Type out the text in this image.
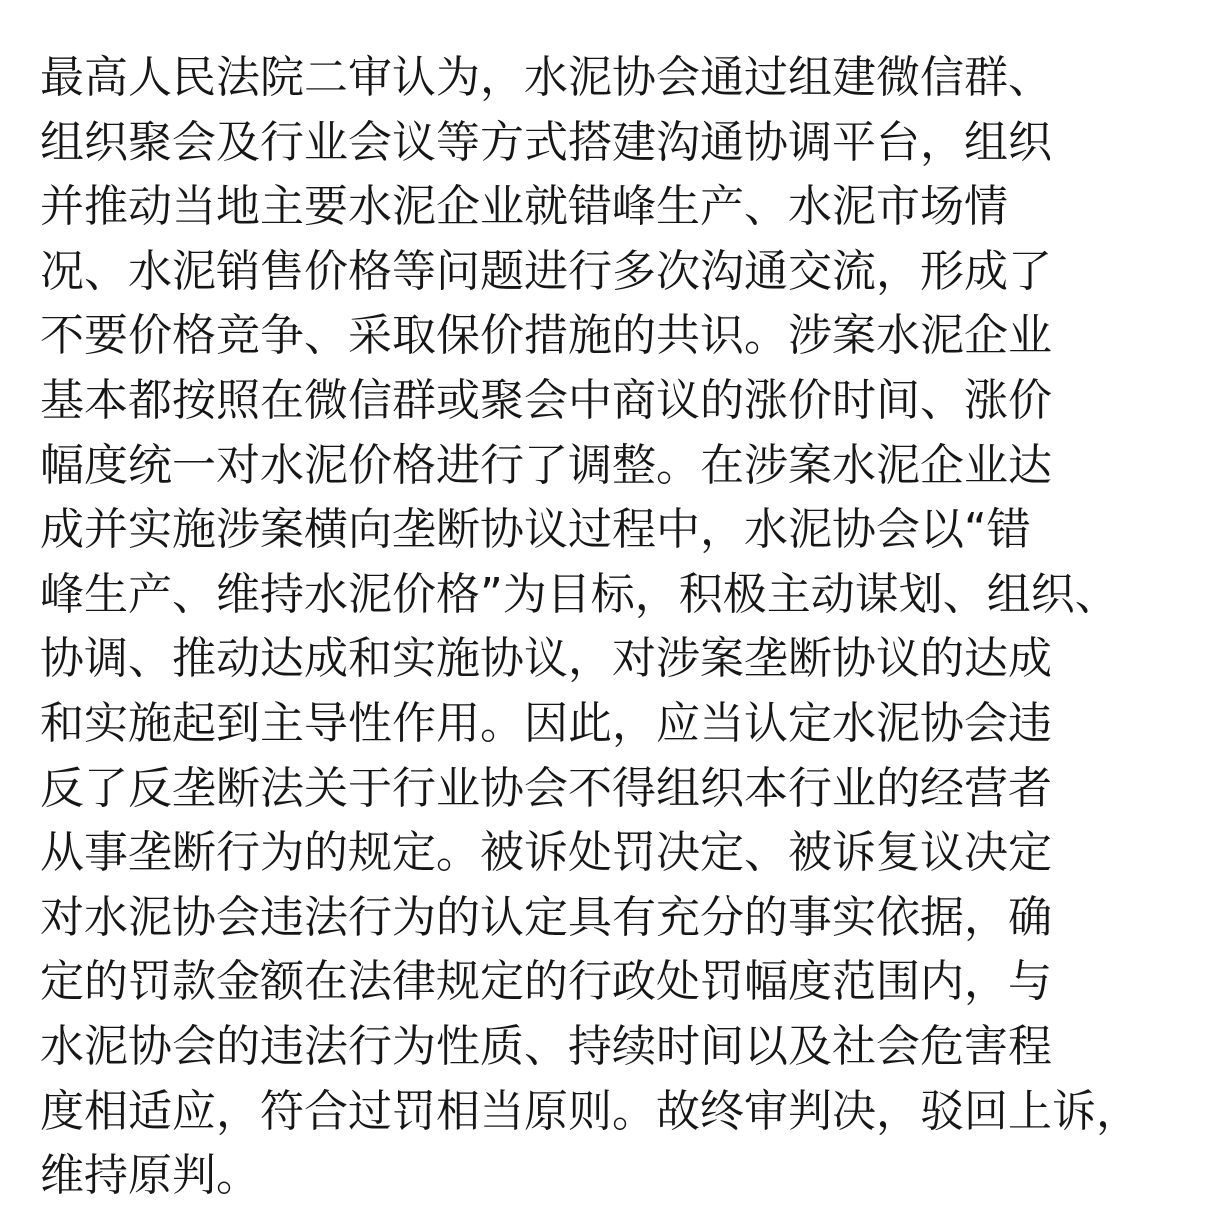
最高人民法院二审认为，水泥协会通过组建微信群、
组织聚会及行业会议等方式搭建沟通协调平台，组织
并推动当地主要水泥企业就错峰生产、水泥市场情
况、水泥销售价格等问题进行多次沟通交流，形成了
不要价格竞争、采取保价措施的共识。涉案水泥企业
基本都按照在微信群或聚会中商议的涨价时间、涨价
幅度统一对水泥价格进行了调整。在涉案水泥企业达
成并实施涉案横向垄断协议过程中，水泥协会以“错
峰生产、维持水泥价格”为目标，积极主动谋划、组织、
协调、推动达成和实施协议，对涉案垄断协议的达成
和实施起到主导性作用。因此，应当认定水泥协会违
反了反垄断法关于行业协会不得组织本行业的经营者
从事垄断行为的规定。被诉处罚决定、被诉复议决定
对水泥协会违法行为的认定具有充分的事实依据，确
定的罚款金额在法律规定的行政处罚幅度范围内，与
水泥协会的违法行为性质、持续时间以及社会危害程
度相适应，符合过罚相当原则。故终审判决，驳回上诉，
维持原判。
